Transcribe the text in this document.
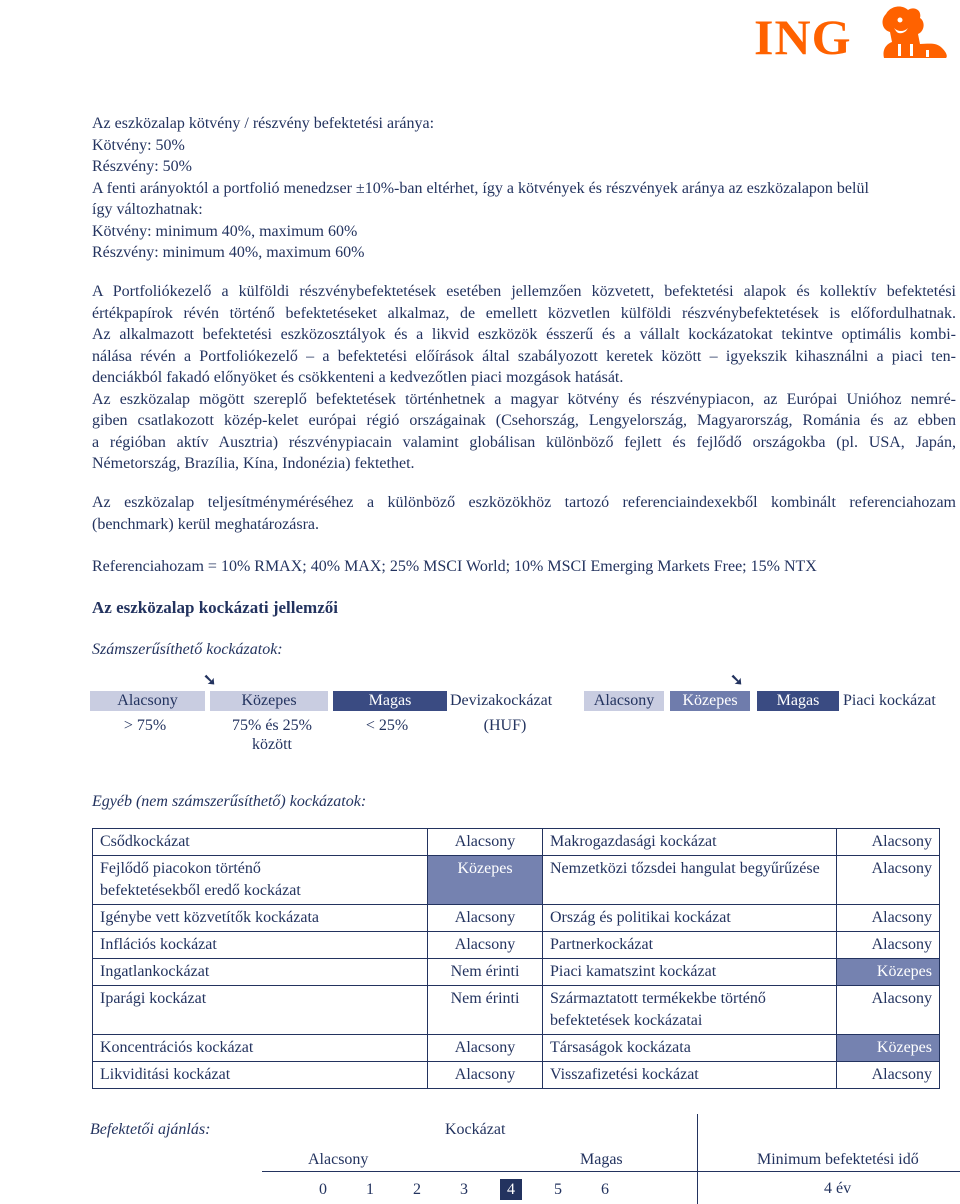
ING
Az eszközalap kötvény / részvény befektetési aránya:
Kötvény: 50%
Részvény: 50%
A fenti arányoktól a portfolió menedzser ±10%-ban eltérhet, így a kötvények és részvények aránya az eszközalapon belül
így változhatnak:
Kötvény: minimum 40%, maximum 60%
Részvény: minimum 40%, maximum 60%
A Portfoliókezelő a külföldi részvénybefektetések esetében jellemzően közvetett, befektetési alapok és kollektív befektetési
értékpapírok révén történő befektetéseket alkalmaz, de emellett közvetlen külföldi részvénybefektetések is előfordulhatnak.
Az alkalmazott befektetési eszközosztályok és a likvid eszközök ésszerű és a vállalt kockázatokat tekintve optimális kombi-
nálása révén a Portfoliókezelő – a befektetési előírások által szabályozott keretek között – igyekszik kihasználni a piaci ten-
denciákból fakadó előnyöket és csökkenteni a kedvezőtlen piaci mozgások hatását.
Az eszközalap mögött szereplő befektetések történhetnek a magyar kötvény és részvénypiacon, az Európai Unióhoz nemré-
giben csatlakozott közép-kelet európai régió országainak (Csehország, Lengyelország, Magyarország, Románia és az ebben
a régióban aktív Ausztria) részvénypiacain valamint globálisan különböző fejlett és fejlődő országokba (pl. USA, Japán,
Németország, Brazília, Kína, Indonézia) fektethet.
Az eszközalap teljesítményméréséhez a különböző eszközökhöz tartozó referenciaindexekből kombinált referenciahozam
(benchmark) kerül meghatározásra.
Referenciahozam = 10% RMAX; 40% MAX; 25% MSCI World; 10% MSCI Emerging Markets Free; 15% NTX
Az eszközalap kockázati jellemzői
Számszerűsíthető kockázatok:
➘	➘
Alacsony	Közepes	Magas	Devizakockázat	Alacsony	Közepes	Magas	Piaci kockázat
> 75%	75% és 25%
között
< 25%	(HUF)
Egyéb (nem számszerűsíthető) kockázatok:
Csődkockázat	Alacsony	Makrogazdasági kockázat	Alacsony

Fejlődő piacokon történő
befektetésekből eredő kockázat	Közepes	Nemzetközi tőzsdei hangulat begyűrűzése	Alacsony
Igénybe vett közvetítők kockázata	Alacsony	Ország és politikai kockázat	Alacsony
Inflációs kockázat	Alacsony	Partnerkockázat	Alacsony
Ingatlankockázat	Nem érinti	Piaci kamatszint kockázat	Közepes
Iparági kockázat	Nem érinti	Származtatott termékekbe történő
befektetések kockázatai	Alacsony
Koncentrációs kockázat	Alacsony	Társaságok kockázata	Közepes
Likviditási kockázat	Alacsony	Visszafizetési kockázat	Alacsony
Befektetői ajánlás:	Kockázat
Alacsony	Magas	Minimum befektetési idő
0	1	2	3	4	5	6	4 év
